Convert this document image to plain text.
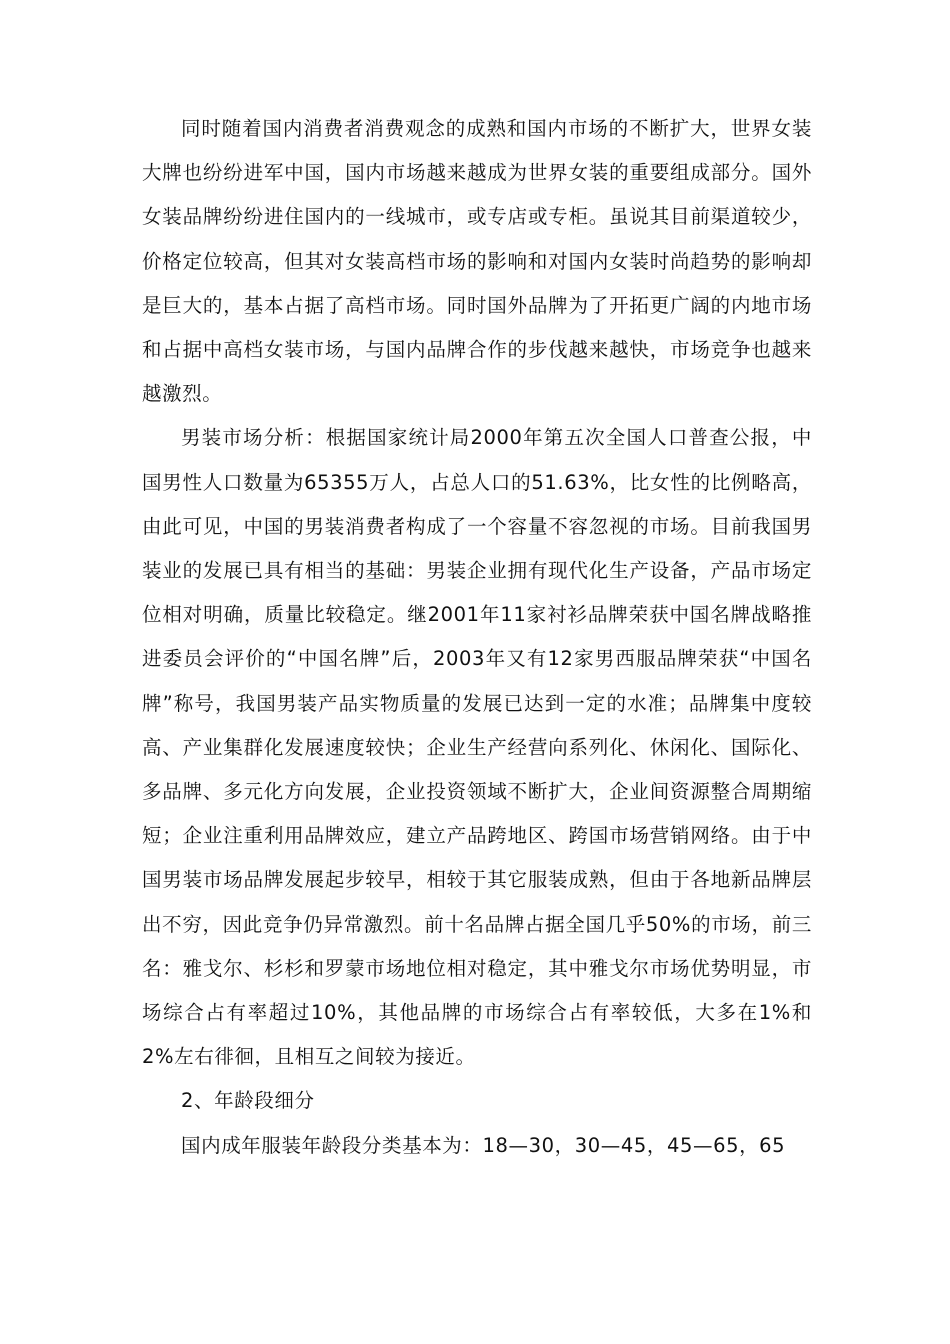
同时随着国内消费者消费观念的成熟和国内市场的不断扩大，世界女装大牌也纷纷进军中国，国内市场越来越成为世界女装的重要组成部分。国外女装品牌纷纷进住国内的一线城市，或专店或专柜。虽说其目前渠道较少，价格定位较高，但其对女装高档市场的影响和对国内女装时尚趋势的影响却是巨大的，基本占据了高档市场。同时国外品牌为了开拓更广阔的内地市场和占据中高档女装市场，与国内品牌合作的步伐越来越快，市场竞争也越来越激烈。

男装市场分析：根据国家统计局2000年第五次全国人口普查公报，中国男性人口数量为65355万人，占总人口的51.63%，比女性的比例略高，由此可见，中国的男装消费者构成了一个容量不容忽视的市场。目前我国男装业的发展已具有相当的基础：男装企业拥有现代化生产设备，产品市场定位相对明确，质量比较稳定。继2001年11家衬衫品牌荣获中国名牌战略推进委员会评价的“中国名牌”后，2003年又有12家男西服品牌荣获“中国名牌”称号，我国男装产品实物质量的发展已达到一定的水准；品牌集中度较高、产业集群化发展速度较快；企业生产经营向系列化、休闲化、国际化、多品牌、多元化方向发展，企业投资领域不断扩大，企业间资源整合周期缩短；企业注重利用品牌效应，建立产品跨地区、跨国市场营销网络。由于中国男装市场品牌发展起步较早，相较于其它服装成熟，但由于各地新品牌层出不穷，因此竞争仍异常激烈。前十名品牌占据全国几乎50%的市场，前三名：雅戈尔、杉杉和罗蒙市场地位相对稳定，其中雅戈尔市场优势明显，市场综合占有率超过10%，其他品牌的市场综合占有率较低，大多在1%和2%左右徘徊，且相互之间较为接近。

2、年龄段细分

国内成年服装年龄段分类基本为：18—30，30—45，45—65，65
